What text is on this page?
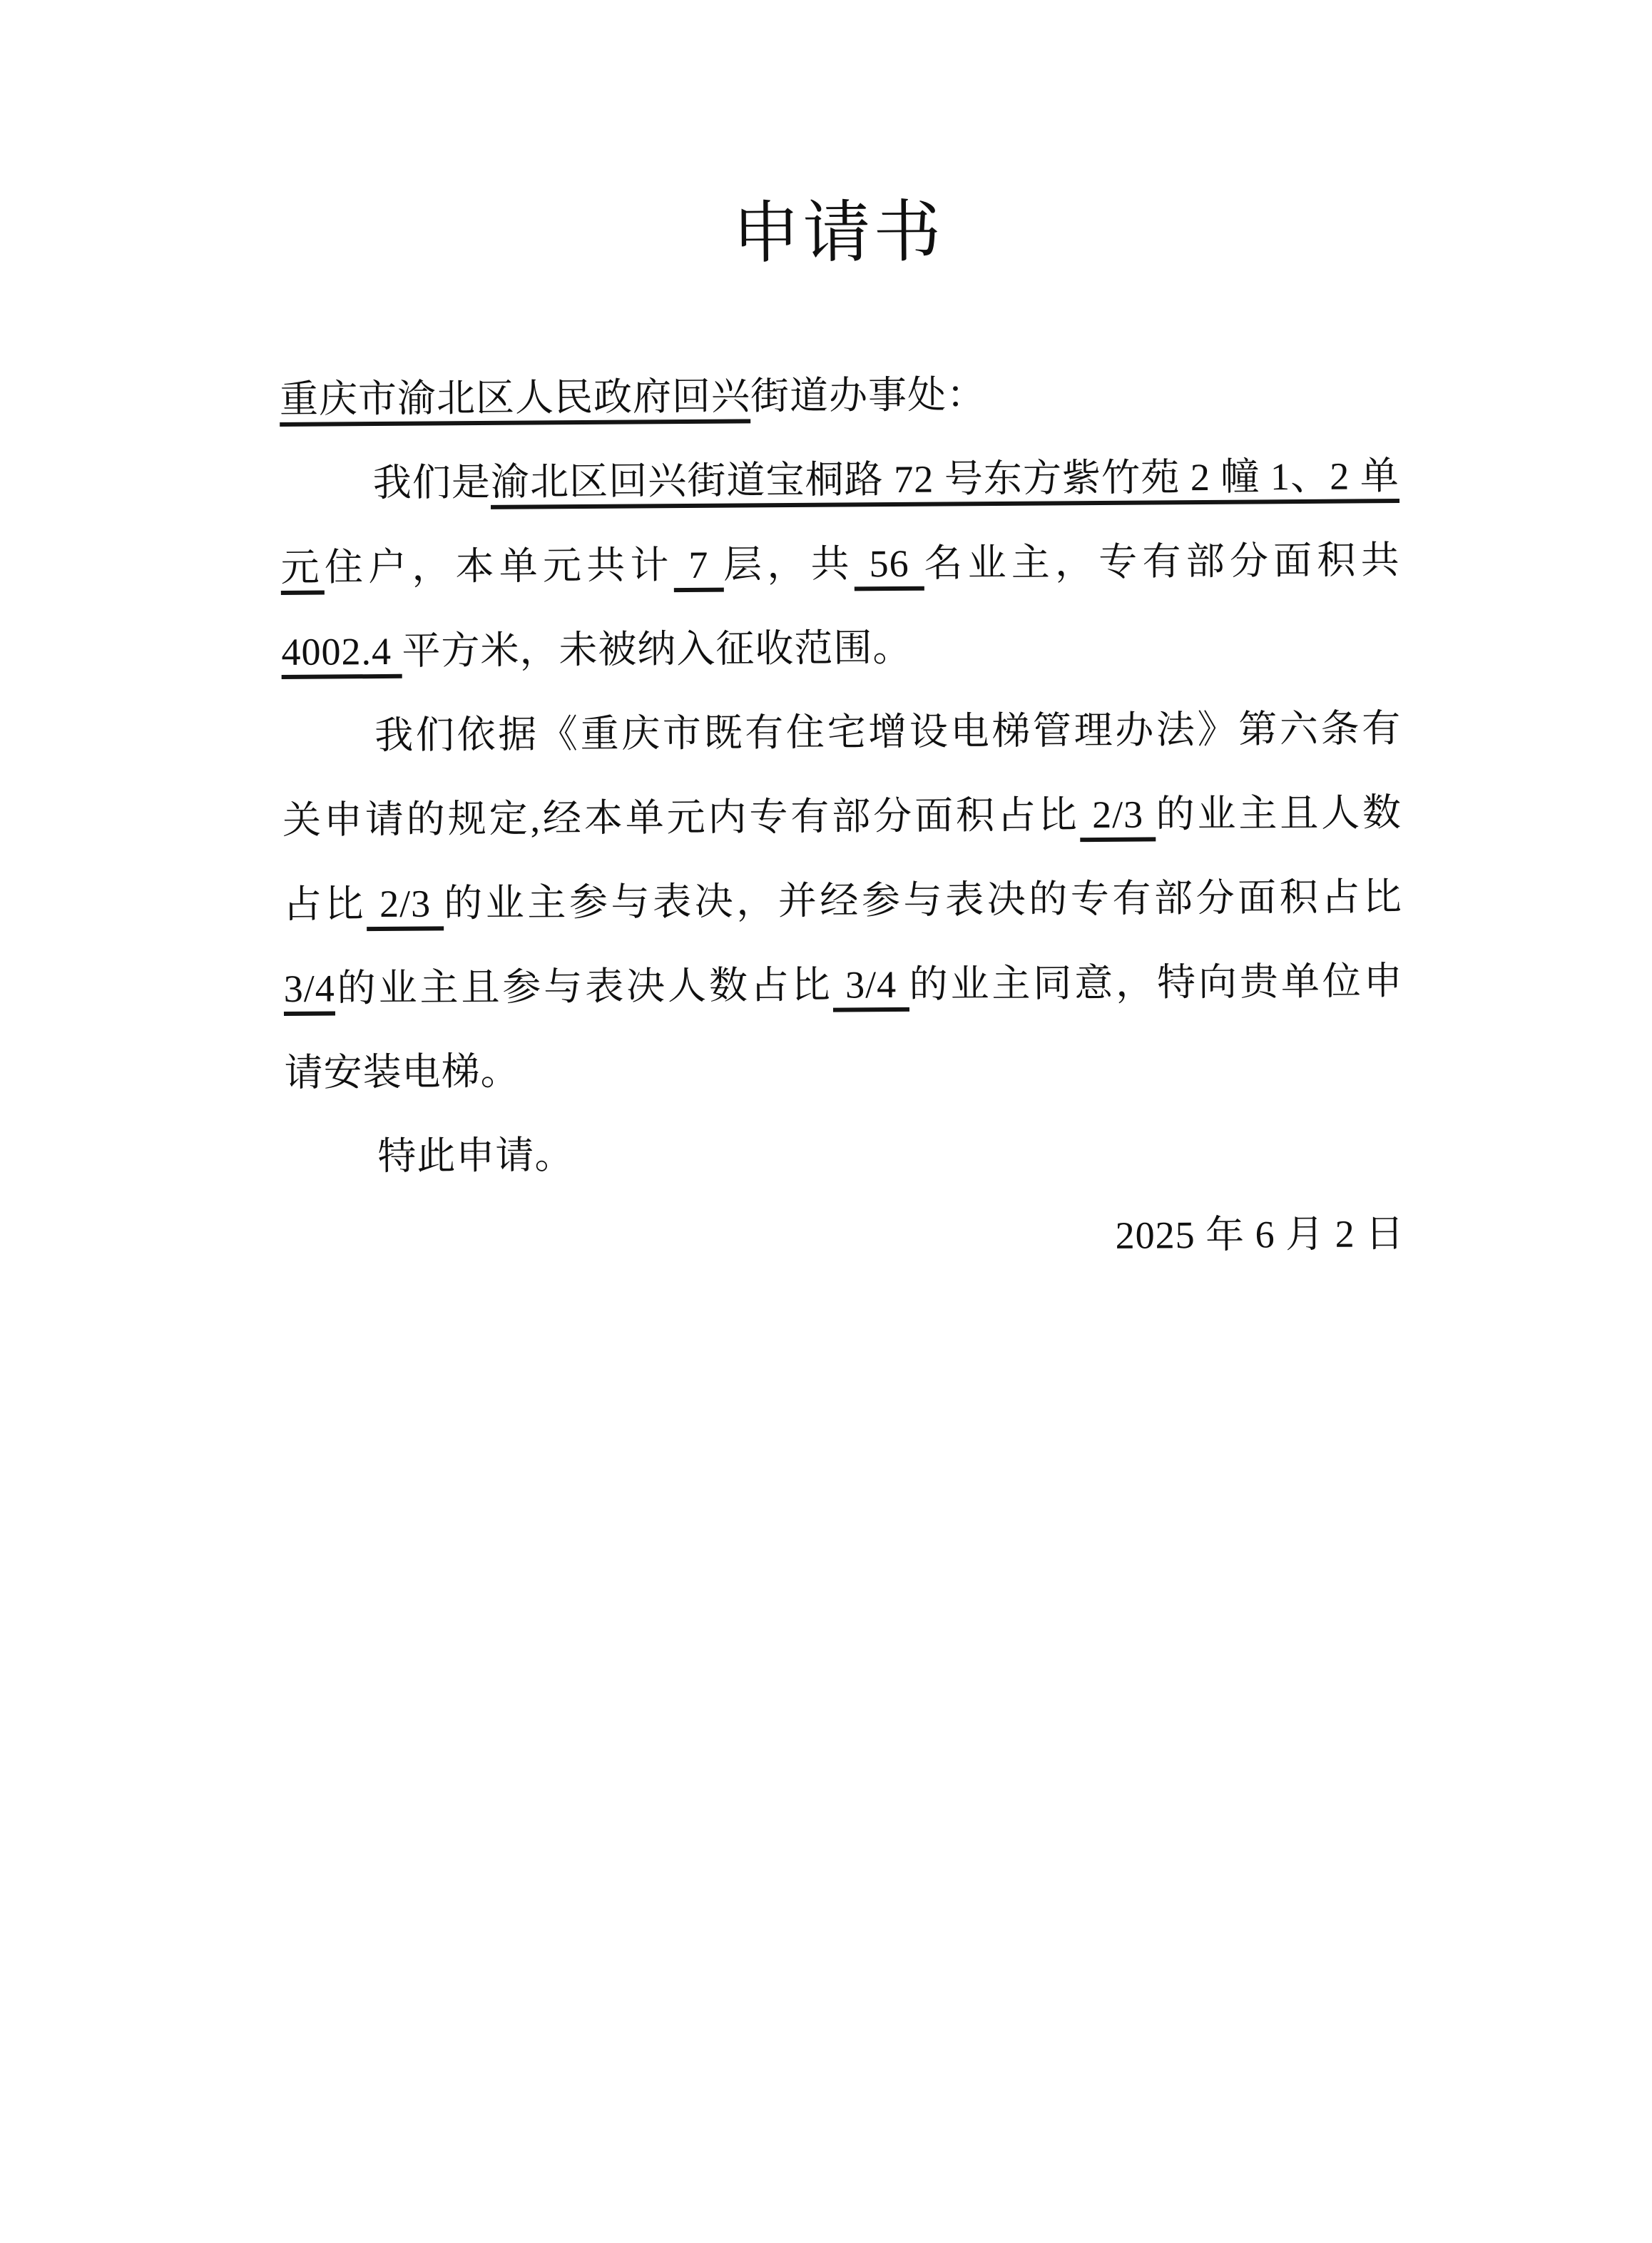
申请书
重庆市渝北区人民政府回兴街道办事处：
我们是渝北区回兴街道宝桐路 72 号东方紫竹苑 2 幢 1、2 单
元住户，本单元共计 7 层，共 56 名业主，专有部分面积共
4002.4 平方米，未被纳入征收范围。
我们依据《重庆市既有住宅增设电梯管理办法》第六条有
关申请的规定,经本单元内专有部分面积占比 2/3 的业主且人数
占比 2/3 的业主参与表决，并经参与表决的专有部分面积占比
3/4的业主且参与表决人数占比 3/4 的业主同意，特向贵单位申
请安装电梯。
特此申请。
2025 年 6 月 2 日
